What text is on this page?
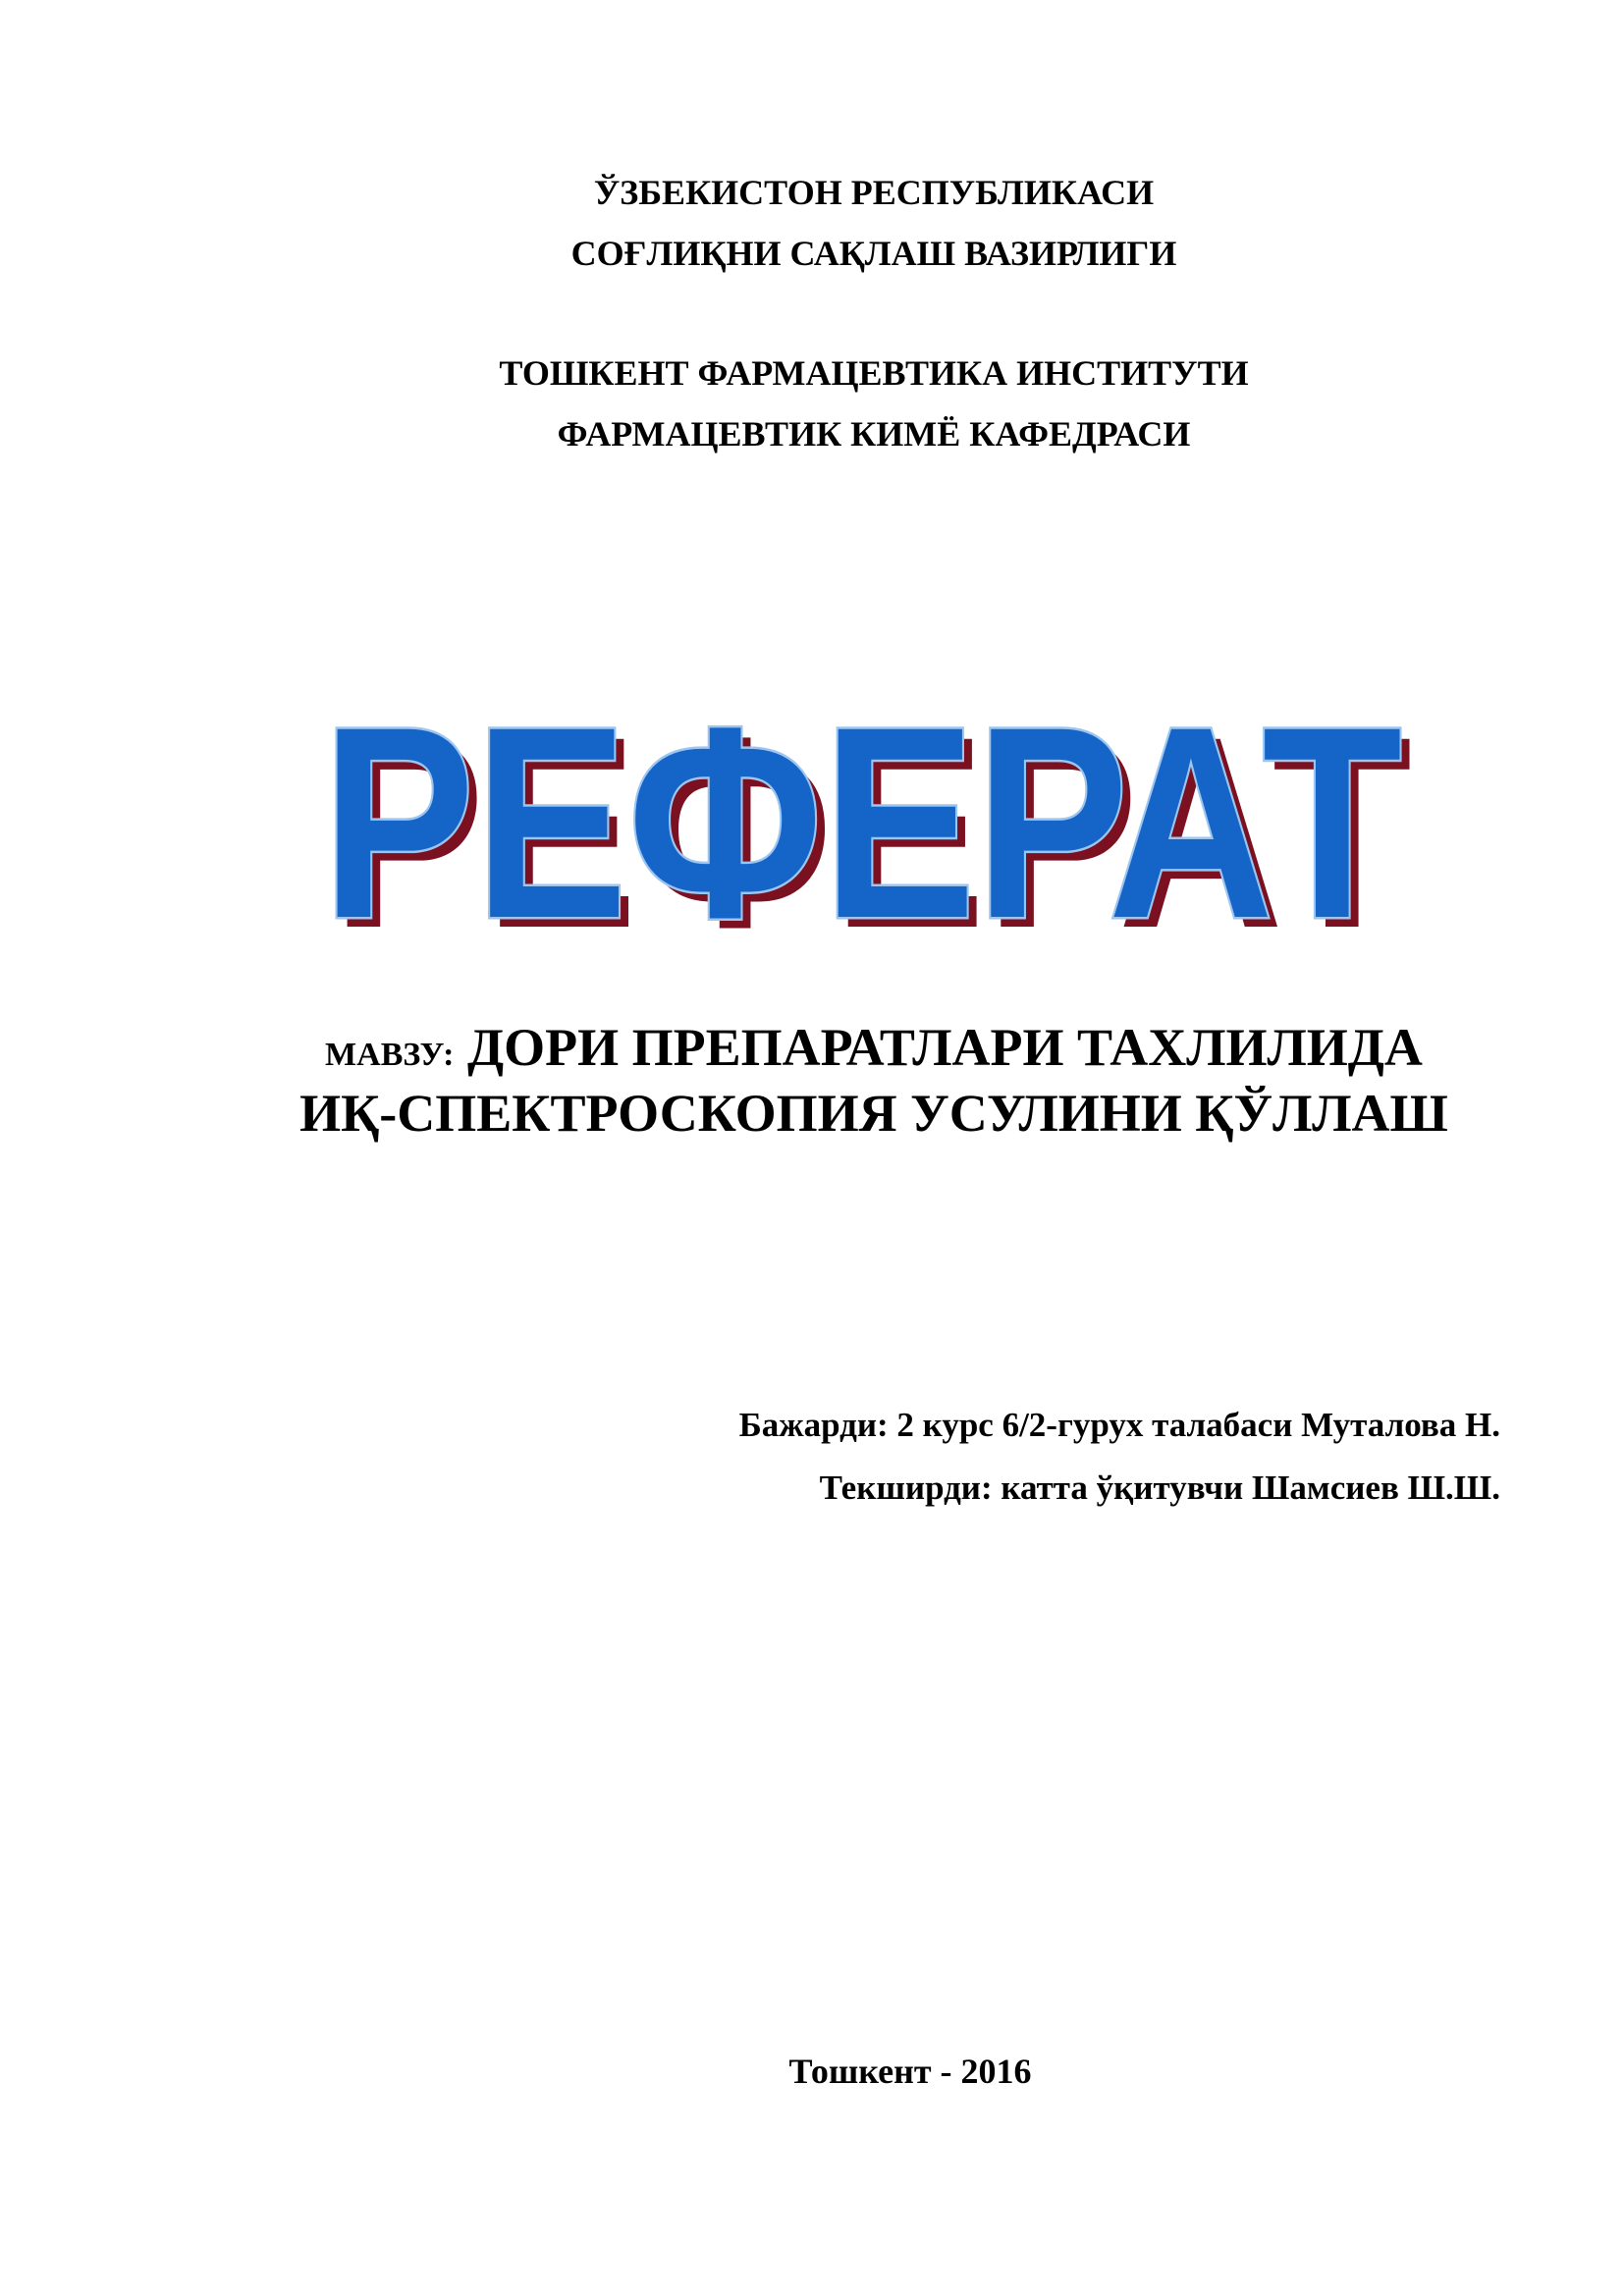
ЎЗБЕКИСТОН РЕСПУБЛИКАСИ
СОҒЛИҚНИ САҚЛАШ ВАЗИРЛИГИ
ТОШКЕНТ ФАРМАЦЕВТИКА ИНСТИТУТИ
ФАРМАЦЕВТИК КИМЁ КАФЕДРАСИ
РЕФЕРАТ
РЕФЕРАТ
МАВЗУ: ДОРИ ПРЕПАРАТЛАРИ ТАХЛИЛИДА
ИҚ-СПЕКТРОСКОПИЯ УСУЛИНИ ҚЎЛЛАШ
Бажарди: 2 курс 6/2-гурух талабаси Муталова Н.
Текширди: катта ўқитувчи Шамсиев Ш.Ш.
Тошкент - 2016
